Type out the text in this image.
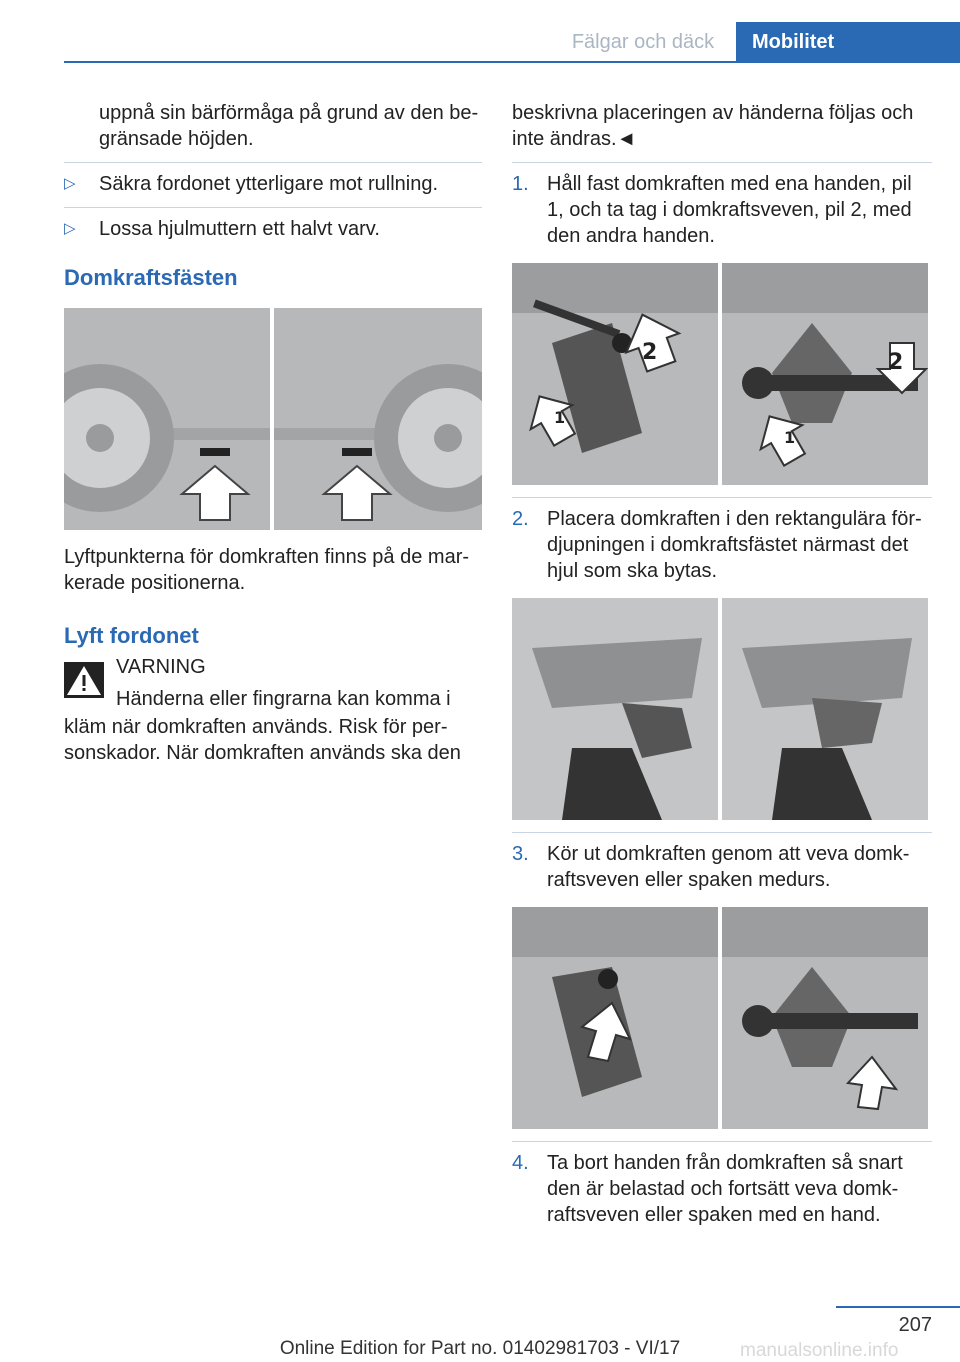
Fälgar och däck	Mobilitet

uppnå sin bärförmåga på grund av den be‐gränsade höjden.

▷ Säkra fordonet ytterligare mot rullning.
▷ Lossa hjulmuttern ett halvt varv.
Domkraftsfästen

Lyftpunkterna för domkraften finns på de mar‐kerade positionerna.

Lyft fordonet

VARNING

Händerna eller fingrarna kan komma i

kläm när domkraften används. Risk för per‐sonskador. När domkraften används ska den

beskrivna placeringen av händerna följas och inte ändras.◄

1. Håll fast domkraften med ena handen, pil 1, och ta tag i domkraftsveven, pil 2, med den andra handen.
2	2
1
1
2. Placera domkraften i den rektangulära för‐djupningen i domkraftsfästet närmast det hjul som ska bytas.
3. Kör ut domkraften genom att veva domk‐raftsveven eller spaken medurs.
4. Ta bort handen från domkraften så snart den är belastad och fortsätt veva domk‐raftsveven eller spaken med en hand.
207
Online Edition for Part no. 01402981703 - VI/17	manualsonline.info
